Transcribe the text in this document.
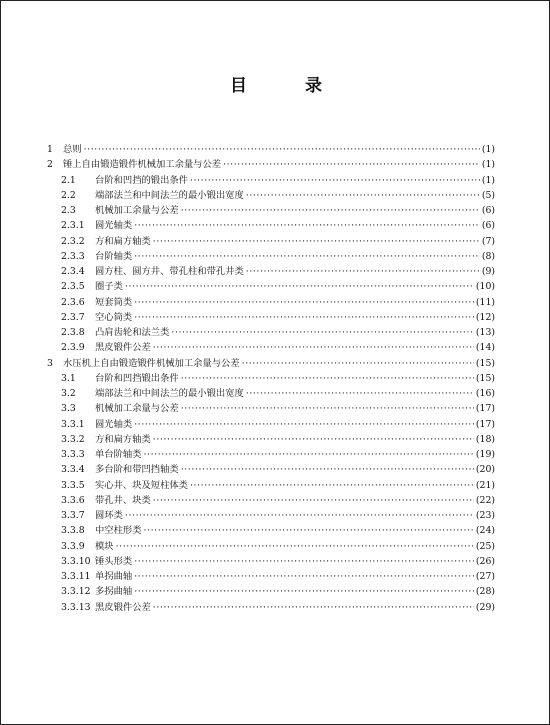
目 录
1	总则 ·····	(1)
2	锤上自由锻造锻件机械加工余量与公差 ·····	(1)
2.1	台阶和凹挡的锻出条件 ·····	(1)
2.2	端部法兰和中间法兰的最小锻出宽度 ·····	(5)
2.3	机械加工余量与公差 ·····	(6)
2.3.1	圆光轴类 ·····	(6)
2.3.2	方和扁方轴类 ·····	(7)
2.3.3	台阶轴类 ·····	(8)
2.3.4	圆方柱、圆方井、带孔柱和带孔井类 ·····	(9)
2.3.5	圈子类 ·····	(10)
2.3.6	短套筒类 ·····	(11)
2.3.7	空心筒类 ·····	(12)
2.3.8	凸肩齿轮和法兰类 ·····	(13)
2.3.9	黑皮锻件公差 ·····	(14)
3	水压机上自由锻造锻件机械加工余量与公差 ·····	(15)
3.1	台阶和凹挡锻出条件 ·····	(15)
3.2	端部法兰和中间法兰的最小锻出宽度 ·····	(16)
3.3	机械加工余量与公差 ·····	(17)
3.3.1	圆光轴类 ·····	(17)
3.3.2	方和扁方轴类 ·····	(18)
3.3.3	单台阶轴类 ·····	(19)
3.3.4	多台阶和带凹挡轴类 ·····	(20)
3.3.5	实心井、块及短柱体类 ·····	(21)
3.3.6	带孔井、块类 ·····	(22)
3.3.7	圆环类 ·····	(23)
3.3.8	中空柱形类 ·····	(24)
3.3.9	模块 ·····	(25)
3.3.10 锤头形类 ·····	(26)
3.3.11 单拐曲轴 ·····	(27)
3.3.12 多拐曲轴 ·····	(28)
3.3.13 黑皮锻件公差 ·····	(29)
